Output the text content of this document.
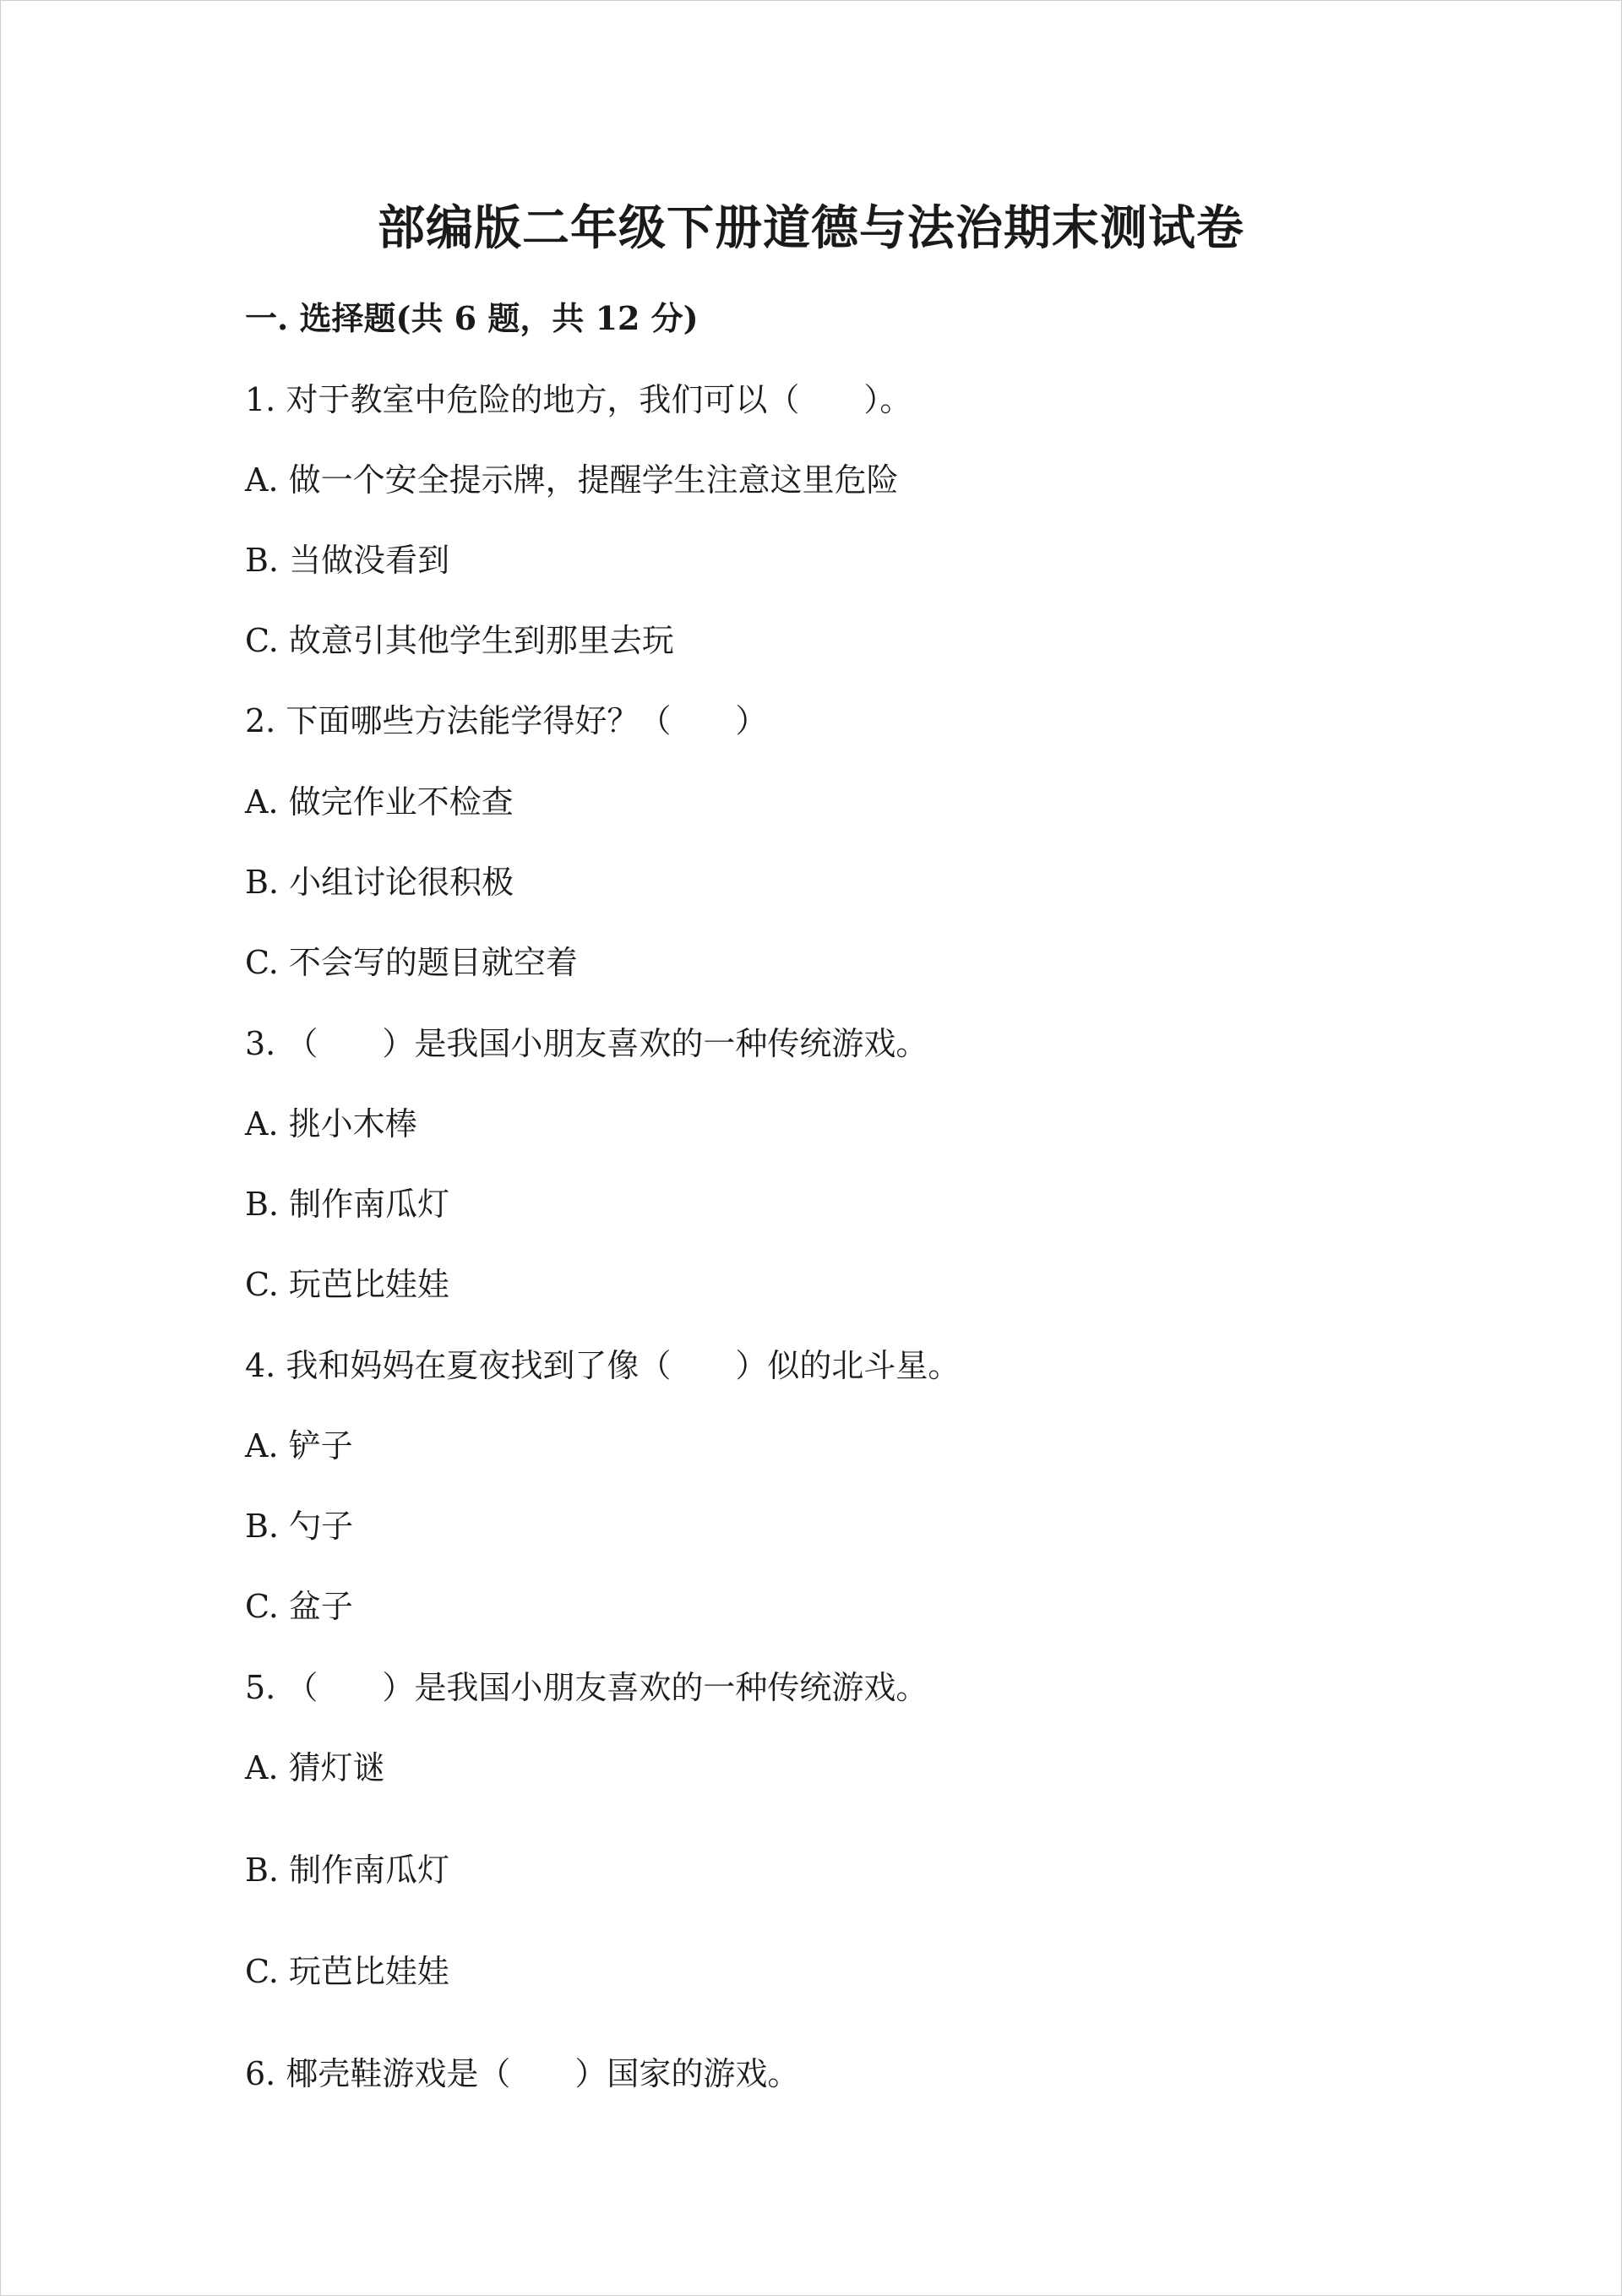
部编版二年级下册道德与法治期末测试卷
一. 选择题(共 6 题，共 12 分)

1. 对于教室中危险的地方，我们可以（　　）。

A. 做一个安全提示牌，提醒学生注意这里危险

B. 当做没看到

C. 故意引其他学生到那里去玩

2. 下面哪些方法能学得好？（　　）

A. 做完作业不检查

B. 小组讨论很积极

C. 不会写的题目就空着

3. （　　）是我国小朋友喜欢的一种传统游戏。

A. 挑小木棒

B. 制作南瓜灯

C. 玩芭比娃娃

4. 我和妈妈在夏夜找到了像（　　）似的北斗星。

A. 铲子

B. 勺子

C. 盆子

5. （　　）是我国小朋友喜欢的一种传统游戏。

A. 猜灯谜

B. 制作南瓜灯

C. 玩芭比娃娃

6. 椰壳鞋游戏是（　　）国家的游戏。
